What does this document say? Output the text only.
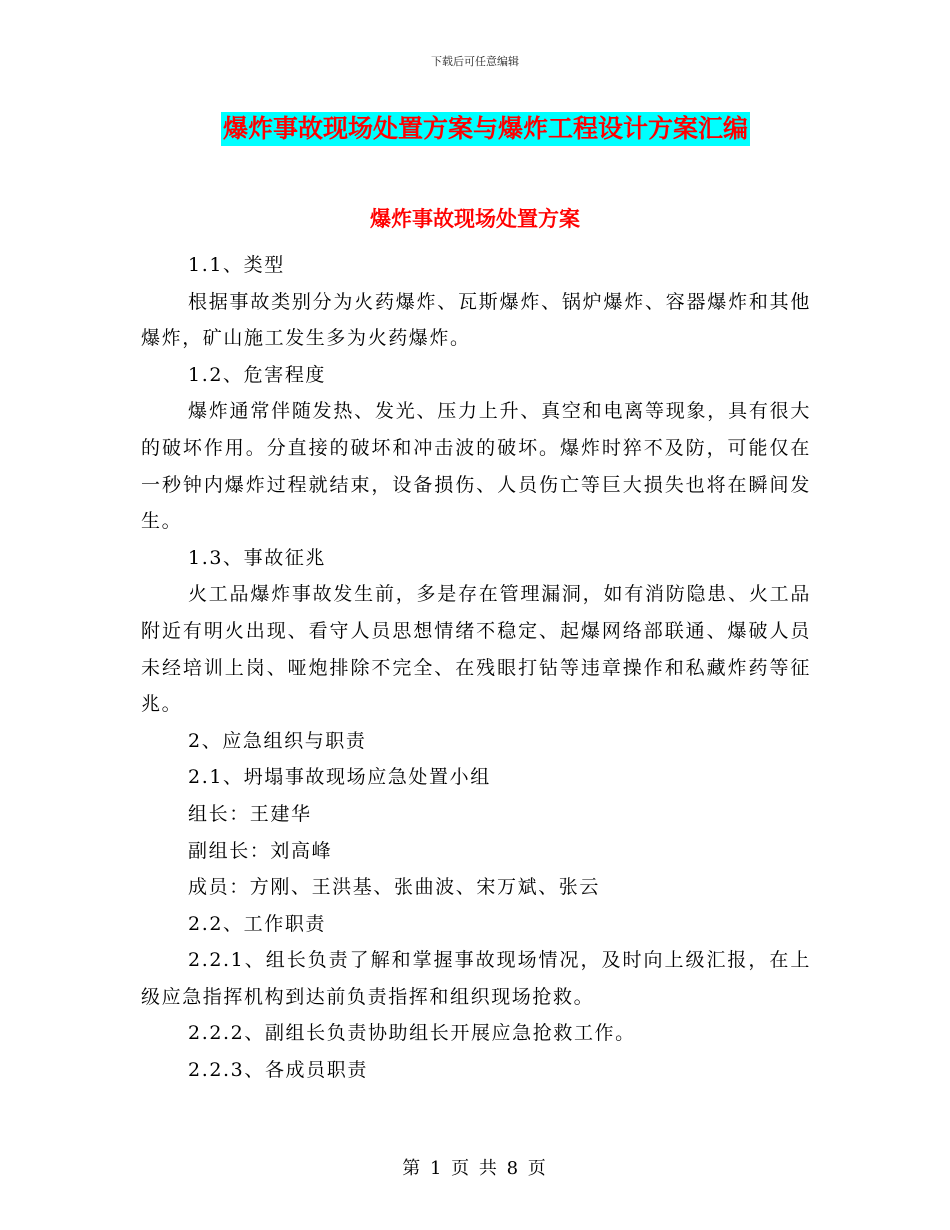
下载后可任意编辑
爆炸事故现场处置方案与爆炸工程设计方案汇编
爆炸事故现场处置方案

1.1、类型

根据事故类别分为火药爆炸、瓦斯爆炸、锅炉爆炸、容器爆炸和其他爆炸，矿山施工发生多为火药爆炸。

1.2、危害程度

爆炸通常伴随发热、发光、压力上升、真空和电离等现象，具有很大的破坏作用。分直接的破坏和冲击波的破坏。爆炸时猝不及防，可能仅在一秒钟内爆炸过程就结束，设备损伤、人员伤亡等巨大损失也将在瞬间发生。

1.3、事故征兆

火工品爆炸事故发生前，多是存在管理漏洞，如有消防隐患、火工品附近有明火出现、看守人员思想情绪不稳定、起爆网络部联通、爆破人员未经培训上岗、哑炮排除不完全、在残眼打钻等违章操作和私藏炸药等征兆。

2、应急组织与职责

2.1、坍塌事故现场应急处置小组

组长：王建华

副组长：刘高峰

成员：方刚、王洪基、张曲波、宋万斌、张云

2.2、工作职责

2.2.1、组长负责了解和掌握事故现场情况，及时向上级汇报，在上级应急指挥机构到达前负责指挥和组织现场抢救。

2.2.2、副组长负责协助组长开展应急抢救工作。

2.2.3、各成员职责

第 1 页 共 8 页
